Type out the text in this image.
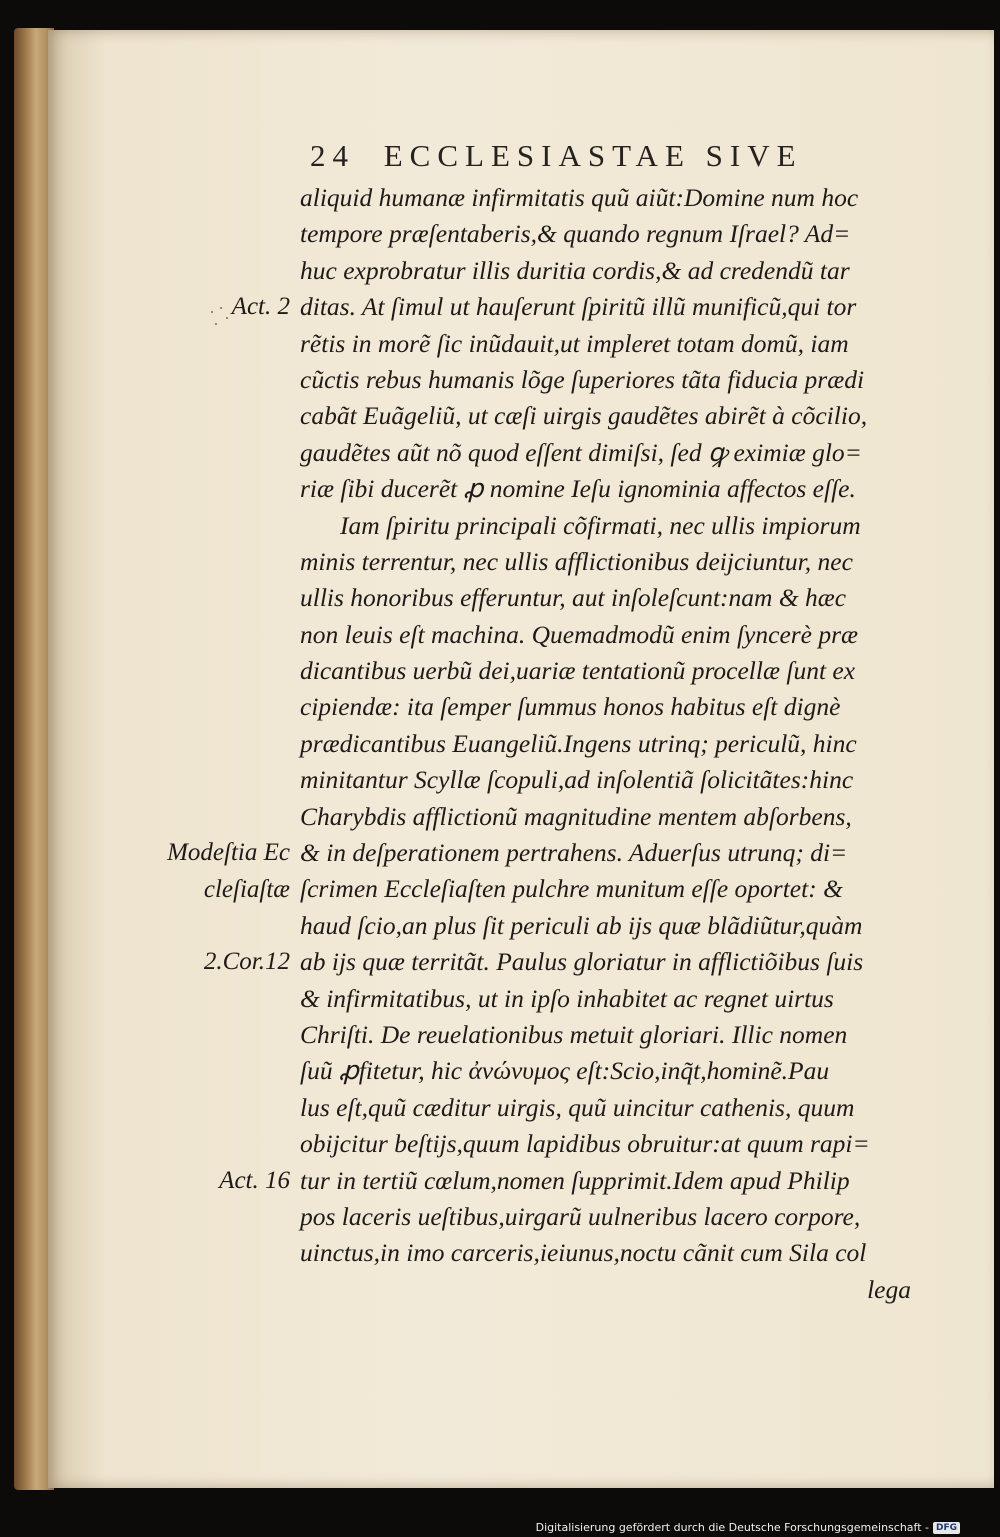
24 ECCLESIASTAE SIVE
aliquid humanæ infirmitatis quũ aiũt:Domine num hoc
tempore præſentaberis,& quando regnum Iſrael? Ad=
huc exprobratur illis duritia cordis,& ad credendũ tar
ditas. At ſimul ut hauſerunt ſpiritũ illũ munificũ,qui tor
rẽtis in morẽ ſic inũdauit,ut impleret totam domũ, iam
cũctis rebus humanis lõge ſuperiores tãta fiducia prædi
cabãt Euãgeliũ, ut cæſi uirgis gaudẽtes abirẽt à cõcilio,
gaudẽtes aũt nõ quod eſſent dimiſsi, ſed ꝙ eximiæ glo=
riæ ſibi ducerẽt ꝓ nomine Ieſu ignominia affectos eſſe.
Iam ſpiritu principali cõfirmati, nec ullis impiorum
minis terrentur, nec ullis afflictionibus deijciuntur, nec
ullis honoribus efferuntur, aut inſoleſcunt:nam & hæc
non leuis eſt machina. Quemadmodũ enim ſyncerè præ
dicantibus uerbũ dei,uariæ tentationũ procellæ ſunt ex
cipiendæ: ita ſemper ſummus honos habitus eſt dignè
prædicantibus Euangeliũ.Ingens utrinq; periculũ, hinc
minitantur Scyllæ ſcopuli,ad inſolentiã ſolicitãtes:hinc
Charybdis afflictionũ magnitudine mentem abſorbens,
& in deſperationem pertrahens. Aduerſus utrunq; di=
ſcrimen Eccleſiaſten pulchre munitum eſſe oportet: &
haud ſcio,an plus ſit periculi ab ijs quæ blãdiũtur,quàm
ab ijs quæ territãt. Paulus gloriatur in afflictiõibus ſuis
& infirmitatibus, ut in ipſo inhabitet ac regnet uirtus
Chriſti. De reuelationibus metuit gloriari. Illic nomen
ſuũ ꝓfitetur, hic ἀνώνυμος eſt:Scio,inq̃t,hominẽ.Pau
lus eſt,quũ cæditur uirgis, quũ uincitur cathenis, quum
obijcitur beſtijs,quum lapidibus obruitur:at quum rapi=
tur in tertiũ cœlum,nomen ſupprimit.Idem apud Philip
pos laceris ueſtibus,uirgarũ uulneribus lacero corpore,
uinctus,in imo carceris,ieiunus,noctu cãnit cum Sila col
lega
Act. 2
Modeſtia Ec
cleſiaſtæ
2.Cor.12
Act. 16
Digitalisierung gefördert durch die Deutsche Forschungsgemeinschaft - DFG
